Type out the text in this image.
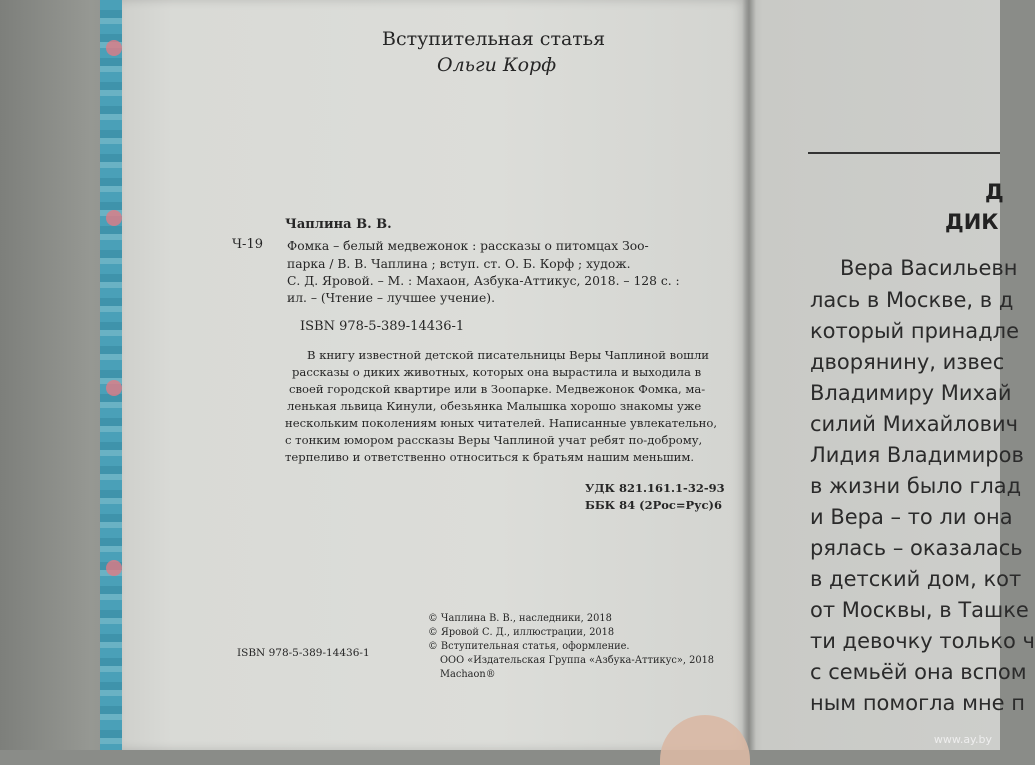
Вступительная статья
Ольги Корф
Чаплина В. В.
Ч-19 Фомка – белый медвежонок : рассказы о питомцах Зоо-
парка / В. В. Чаплина ; вступ. ст. О. Б. Корф ; худож.
С. Д. Яровой. – М. : Махаон, Азбука-Аттикус, 2018. – 128 с. :
ил. – (Чтение – лучшее учение).
ISBN 978-5-389-14436-1
В книгу известной детской писательницы Веры Чаплиной вошли
рассказы о диких животных, которых она вырастила и выходила в
своей городской квартире или в Зоопарке. Медвежонок Фомка, ма-
ленькая львица Кинули, обезьянка Малышка хорошо знакомы уже
нескольким поколениям юных читателей. Написанные увлекательно,
с тонким юмором рассказы Веры Чаплиной учат ребят по-доброму,
терпеливо и ответственно относиться к братьям нашим меньшим.
УДК 821.161.1-32-93
ББК 84 (2Рос=Рус)6
ISBN 978-5-389-14436-1
© Чаплина В. В., наследники, 2018
© Яровой С. Д., иллюстрации, 2018
© Вступительная статья, оформление.
ООО «Издательская Группа «Азбука-Аттикус», 2018
Machaon®
Д
ДИК
Вера Васильевн
лась в Москве, в д
который принадле
дворянину, извес
Владимиру Михай
силий Михайлович
Лидия Владимиров
в жизни было глад
и Вера – то ли она
рялась – оказалась
в детский дом, кот
от Москвы, в Ташке
ти девочку только ч
с семьёй она вспом
ным помогла мне п
www.ay.by
